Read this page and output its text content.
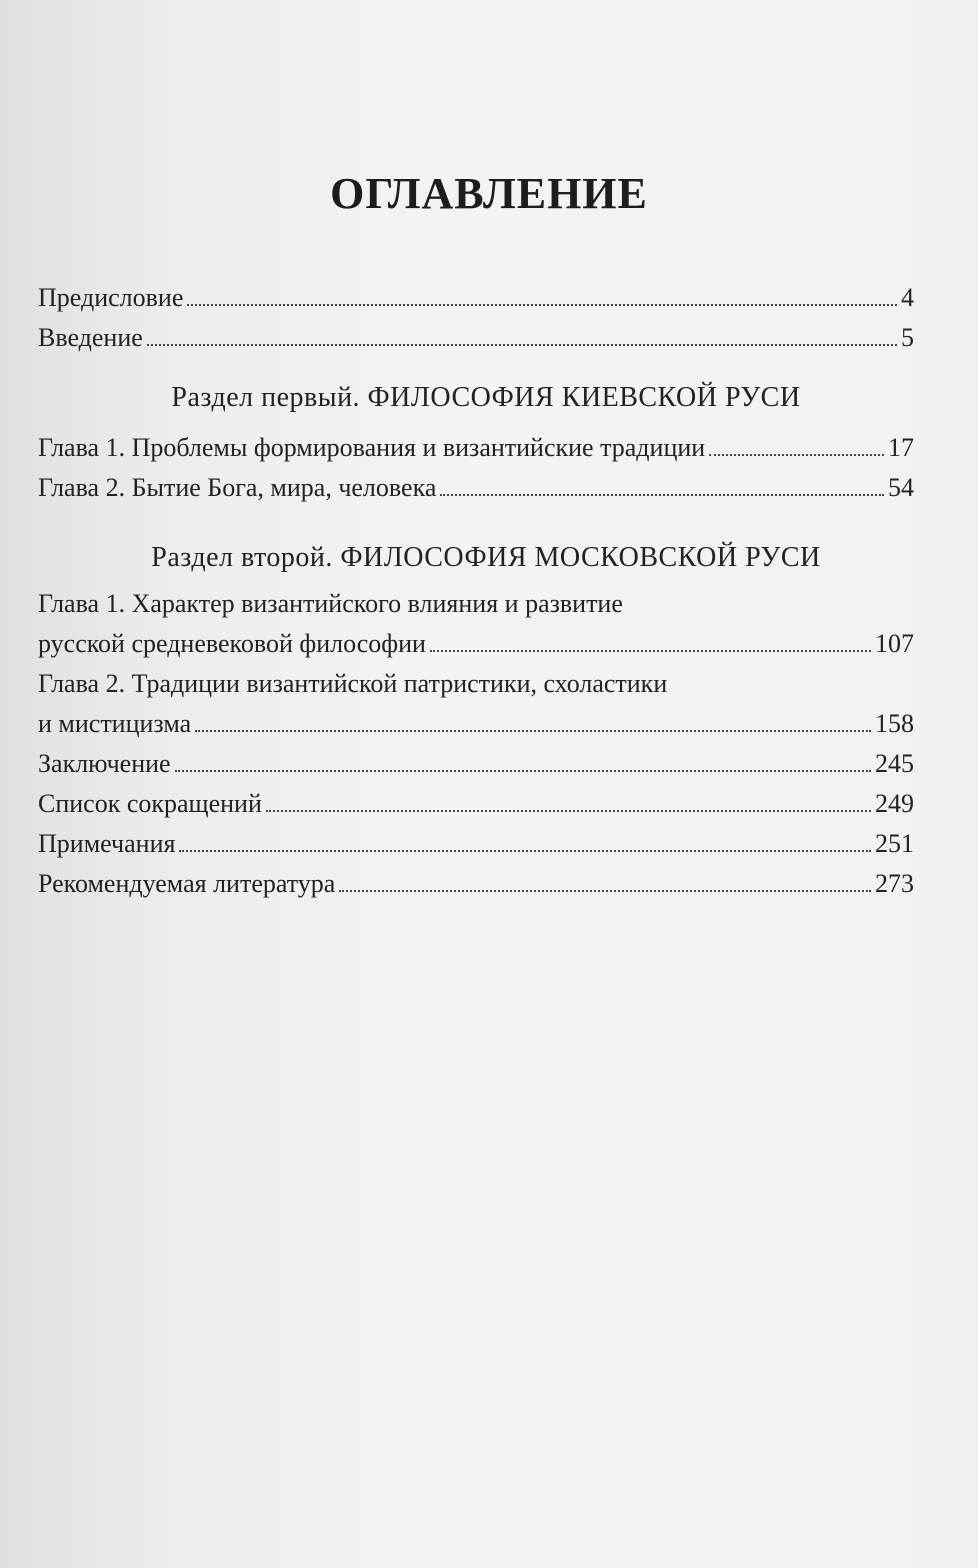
ОГЛАВЛЕНИЕ
Предисловие	4
Введение	5
Раздел первый. ФИЛОСОФИЯ КИЕВСКОЙ РУСИ
Глава 1. Проблемы формирования и византийские традиции	17
Глава 2. Бытие Бога, мира, человека	54
Раздел второй. ФИЛОСОФИЯ МОСКОВСКОЙ РУСИ
Глава 1. Характер византийского влияния и развитие
русской средневековой философии	107
Глава 2. Традиции византийской патристики, схоластики
и мистицизма	158
Заключение	245
Список сокращений	249
Примечания	251
Рекомендуемая литература	273
